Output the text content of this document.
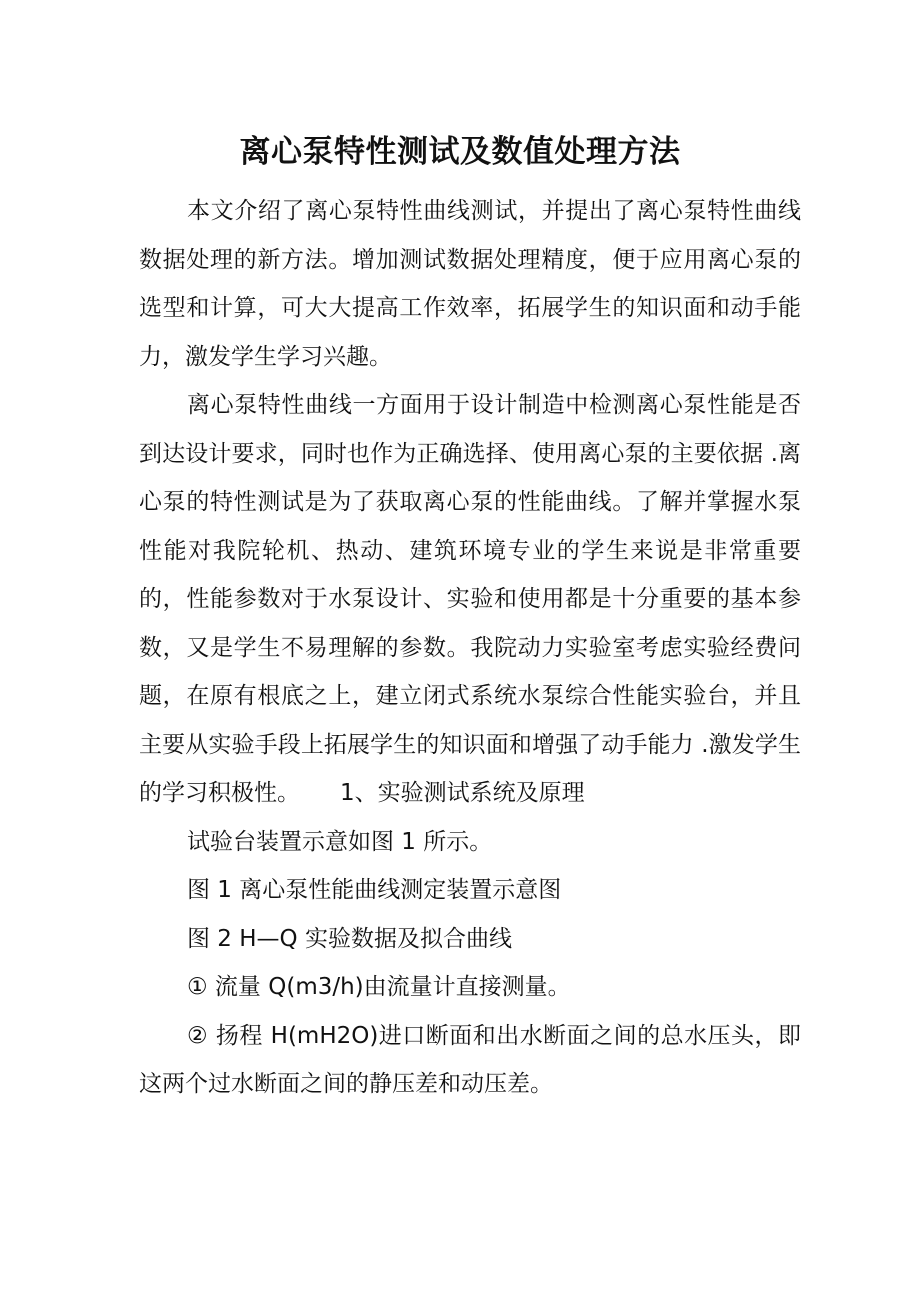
离心泵特性测试及数值处理方法

本文介绍了离心泵特性曲线测试，并提出了离心泵特性曲线数据处理的新方法。增加测试数据处理精度，便于应用离心泵的选型和计算，可大大提高工作效率，拓展学生的知识面和动手能力，激发学生学习兴趣。

离心泵特性曲线一方面用于设计制造中检测离心泵性能是否到达设计要求，同时也作为正确选择、使用离心泵的主要依据 .离心泵的特性测试是为了获取离心泵的性能曲线。了解并掌握水泵性能对我院轮机、热动、建筑环境专业的学生来说是非常重要的，性能参数对于水泵设计、实验和使用都是十分重要的基本参数，又是学生不易理解的参数。我院动力实验室考虑实验经费问题，在原有根底之上，建立闭式系统水泵综合性能实验台，并且主要从实验手段上拓展学生的知识面和增强了动手能力 .激发学生的学习积极性。 1、实验测试系统及原理

试验台装置示意如图 1 所示。

图 1 离心泵性能曲线测定装置示意图

图 2 H—Q 实验数据及拟合曲线

① 流量 Q(m3/h)由流量计直接测量。

② 扬程 H(mH2O)进口断面和出水断面之间的总水压头，即这两个过水断面之间的静压差和动压差。
